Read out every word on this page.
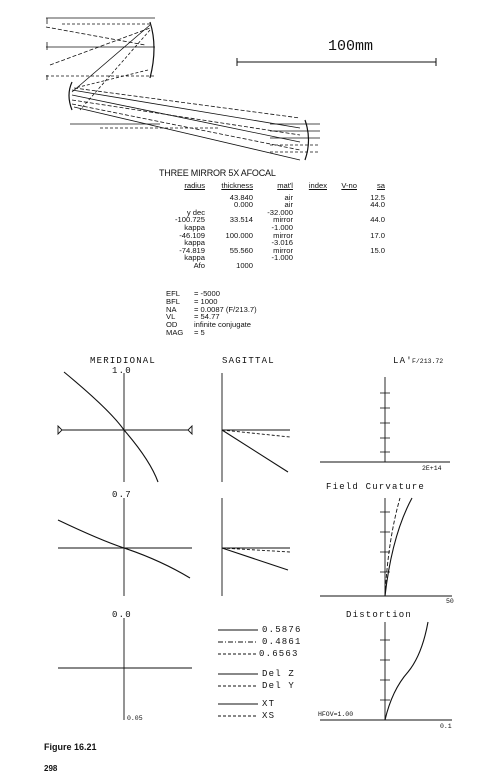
100mm
THREE MIRROR 5X AFOCAL
radius	thickness	mat'l	index	V-no	sa

	43.840	air			12.5
	0.000	air			44.0
y dec		-32.000			
-100.725	33.514	mirror			44.0
kappa		-1.000			
-46.109	100.000	mirror			17.0
kappa		-3.016			
-74.819	55.560	mirror			15.0
kappa		-1.000			
Afo	1000				
EFL	= -5000
BFL	= 1000
NA	= 0.0087 (F/213.7)
VL	= 54.77
OD	infinite conjugate
MAG	= 5
MERIDIONAL	SAGITTAL
1.0
LA' F/213.72
2E+14
0.7
Field Curvature
50
0.0
0.05
Distortion
HFOV=1.00
0.1
0.5876
0.4861
0.6563
Del Z
Del Y
XT
XS
Figure 16.21
298
